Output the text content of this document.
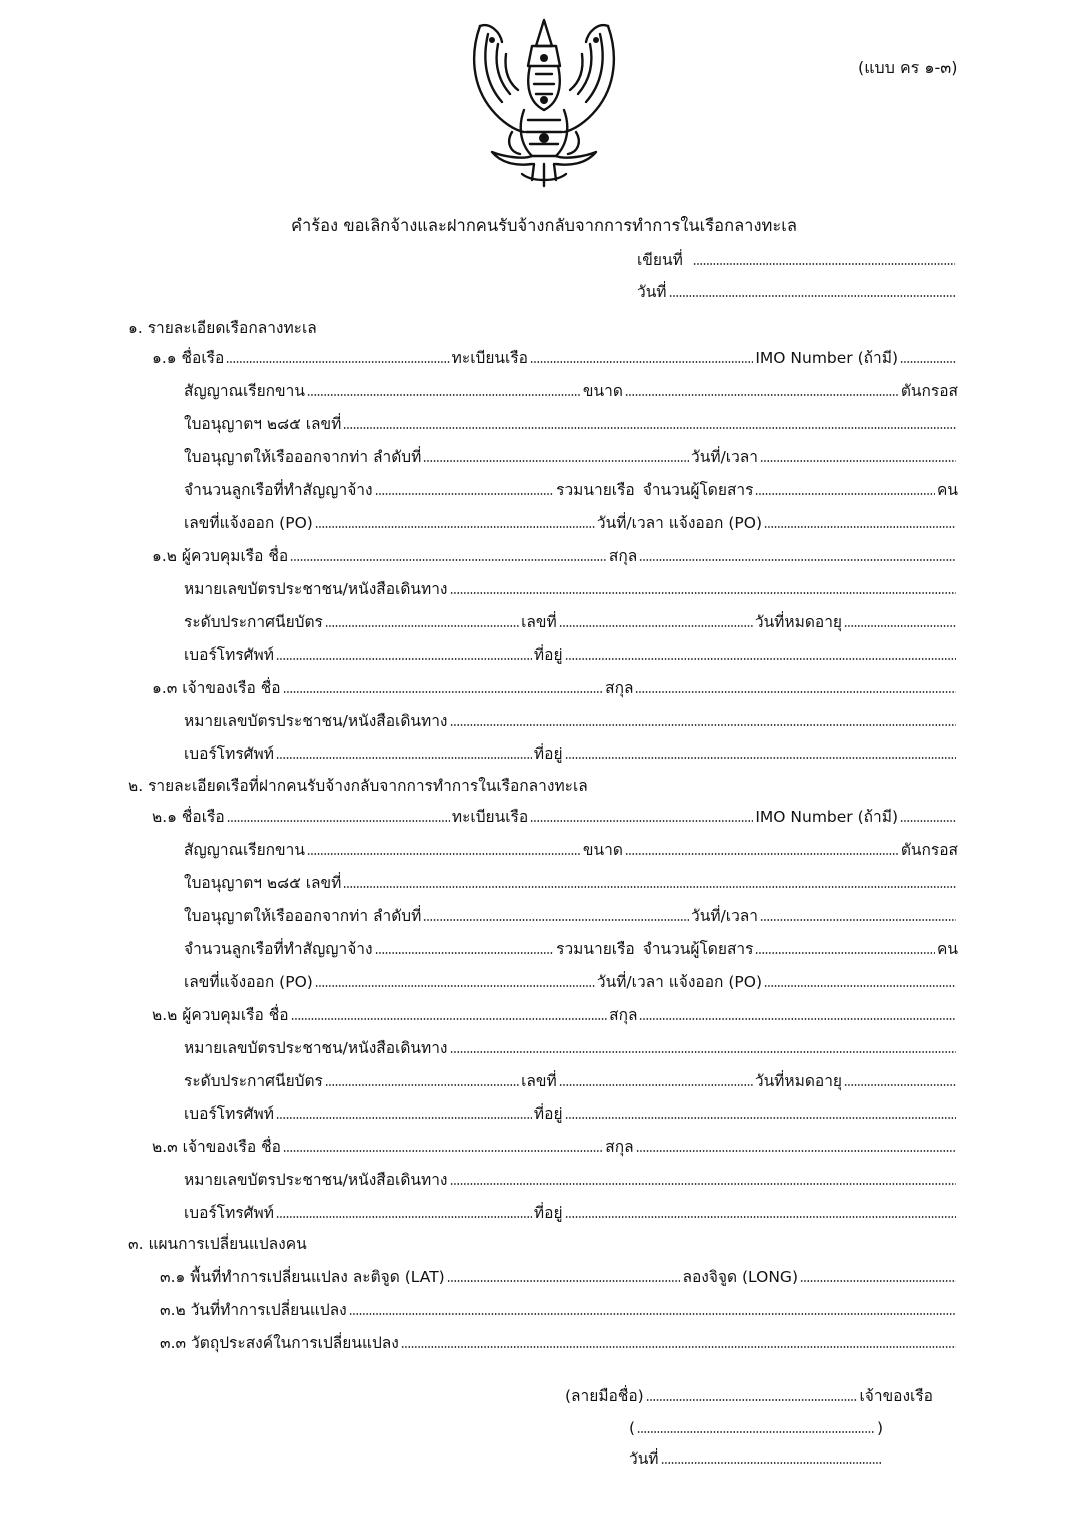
(แบบ คร ๑-๓)
คำร้อง ขอเลิกจ้างและฝากคนรับจ้างกลับจากการทำการในเรือกลางทะเล
เขียนที่
วันที่
๑. รายละเอียดเรือกลางทะเล
๑.๑ ชื่อเรือ	ทะเบียนเรือ	IMO Number (ถ้ามี)
สัญญาณเรียกขาน	ขนาด	ตันกรอส
ใบอนุญาตฯ ๒๘๕ เลขที่
ใบอนุญาตให้เรือออกจากท่า ลำดับที่	วันที่/เวลา
จำนวนลูกเรือที่ทำสัญญาจ้าง	รวมนายเรือ จำนวนผู้โดยสาร	คน
เลขที่แจ้งออก (PO)	วันที่/เวลา แจ้งออก (PO)
๑.๒ ผู้ควบคุมเรือ ชื่อ	สกุล
หมายเลขบัตรประชาชน/หนังสือเดินทาง
ระดับประกาศนียบัตร	เลขที่	วันที่หมดอายุ
เบอร์โทรศัพท์	ที่อยู่
๑.๓ เจ้าของเรือ ชื่อ	สกุล
หมายเลขบัตรประชาชน/หนังสือเดินทาง
เบอร์โทรศัพท์	ที่อยู่
๒. รายละเอียดเรือที่ฝากคนรับจ้างกลับจากการทำการในเรือกลางทะเล
๒.๑ ชื่อเรือ	ทะเบียนเรือ	IMO Number (ถ้ามี)
สัญญาณเรียกขาน	ขนาด	ตันกรอส
ใบอนุญาตฯ ๒๘๕ เลขที่
ใบอนุญาตให้เรือออกจากท่า ลำดับที่	วันที่/เวลา
จำนวนลูกเรือที่ทำสัญญาจ้าง	รวมนายเรือ จำนวนผู้โดยสาร	คน
เลขที่แจ้งออก (PO)	วันที่/เวลา แจ้งออก (PO)
๒.๒ ผู้ควบคุมเรือ ชื่อ	สกุล
หมายเลขบัตรประชาชน/หนังสือเดินทาง
ระดับประกาศนียบัตร	เลขที่	วันที่หมดอายุ
เบอร์โทรศัพท์	ที่อยู่
๒.๓ เจ้าของเรือ ชื่อ	สกุล
หมายเลขบัตรประชาชน/หนังสือเดินทาง
เบอร์โทรศัพท์	ที่อยู่
๓. แผนการเปลี่ยนแปลงคน
๓.๑ พื้นที่ทำการเปลี่ยนแปลง ละติจูด (LAT)	ลองจิจูด (LONG)
๓.๒ วันที่ทำการเปลี่ยนแปลง
๓.๓ วัตถุประสงค์ในการเปลี่ยนแปลง
(ลายมือชื่อ)	เจ้าของเรือ
(	)
วันที่
